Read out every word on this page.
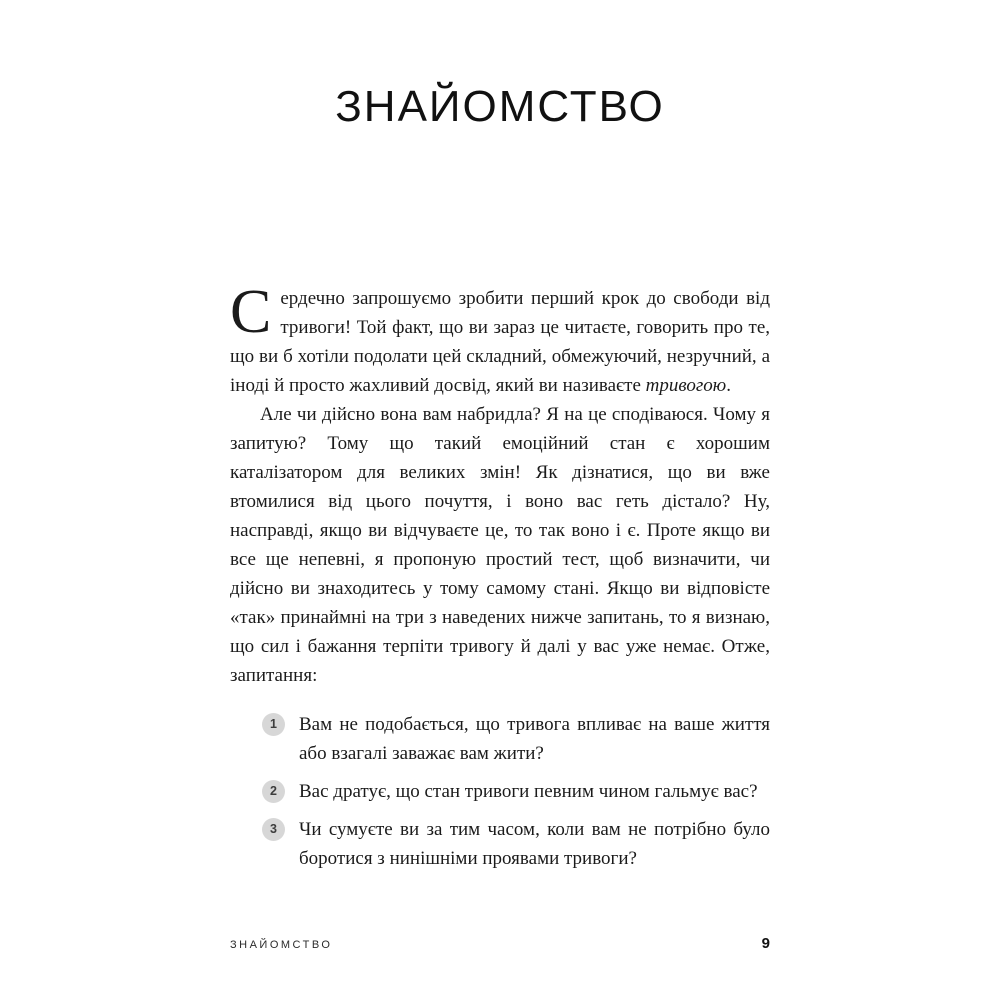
ЗНАЙОМСТВО

Сердечно запрошуємо зробити перший крок до свободи від тривоги! Той факт, що ви зараз це читаєте, говорить про те, що ви б хотіли подолати цей складний, обмежуючий, незручний, а іноді й просто жахливий досвід, який ви називаєте тривогою.

Але чи дійсно вона вам набридла? Я на це сподіваюся. Чому я запитую? Тому що такий емоційний стан є хорошим каталізатором для великих змін! Як дізнатися, що ви вже втомилися від цього почуття, і воно вас геть дістало? Ну, насправді, якщо ви відчуваєте це, то так воно і є. Проте якщо ви все ще непевні, я пропоную простий тест, щоб визначити, чи дійсно ви знаходитесь у тому самому стані. Якщо ви відповісте «так» принаймні на три з наведених нижче запитань, то я визнаю, що сил і бажання терпіти тривогу й далі у вас уже немає. Отже, запитання:

1	Вам не подобається, що тривога впливає на ваше життя або взагалі заважає вам жити?
2	Вас дратує, що стан тривоги певним чином гальмує вас?
3	Чи сумуєте ви за тим часом, коли вам не потрібно було боротися з нинішніми проявами тривоги?
ЗНАЙОМСТВО	9
